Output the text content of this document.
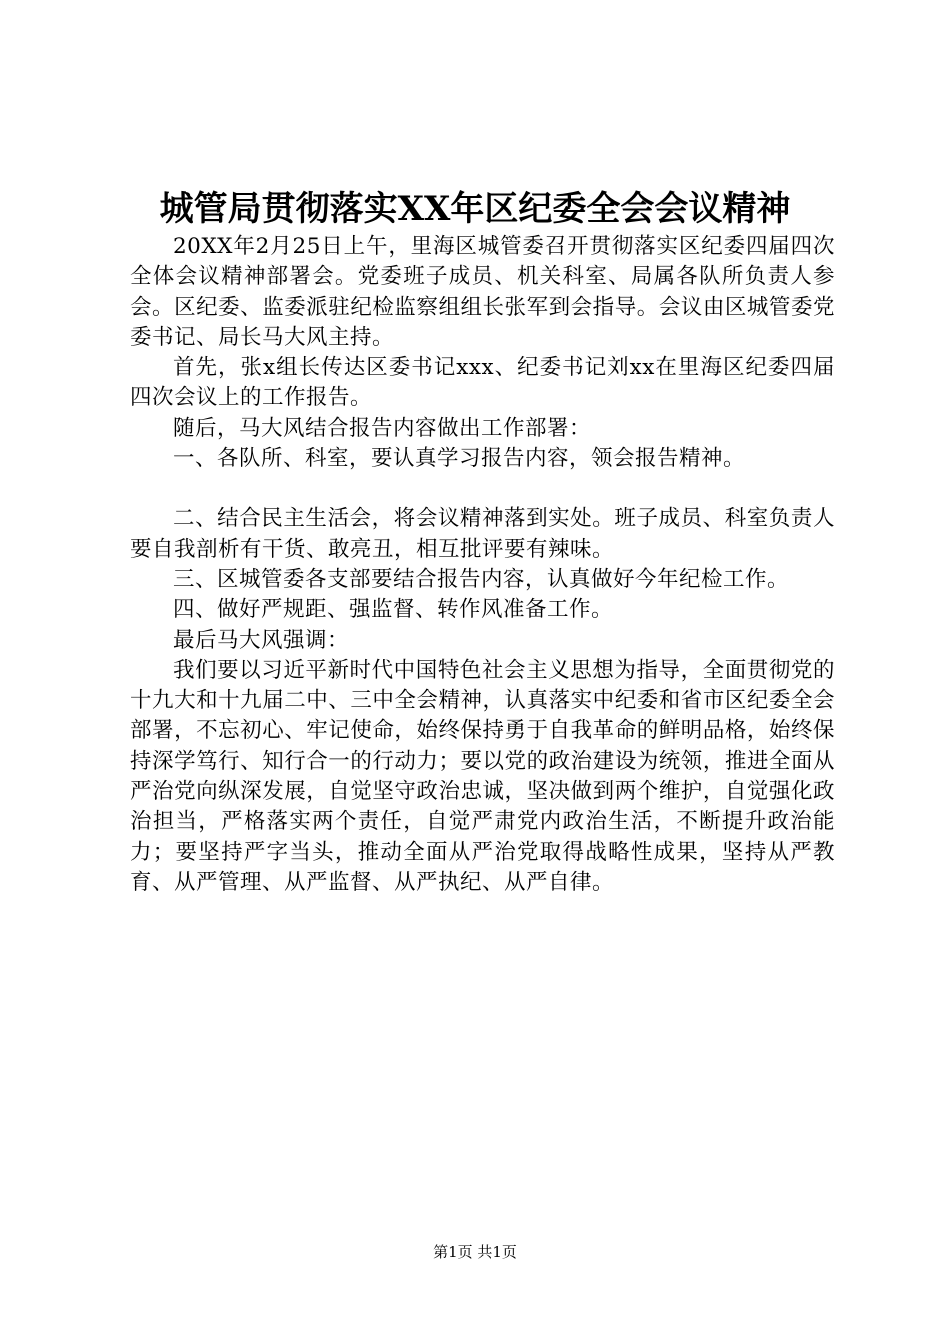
城管局贯彻落实XX年区纪委全会会议精神

20XX年2月25日上午，里海区城管委召开贯彻落实区纪委四届四次全体会议精神部署会。党委班子成员、机关科室、局属各队所负责人参会。区纪委、监委派驻纪检监察组组长张军到会指导。会议由区城管委党委书记、局长马大风主持。

首先，张x组长传达区委书记xxx、纪委书记刘xx在里海区纪委四届四次会议上的工作报告。

随后，马大风结合报告内容做出工作部署：

一、各队所、科室，要认真学习报告内容，领会报告精神。

二、结合民主生活会，将会议精神落到实处。班子成员、科室负责人要自我剖析有干货、敢亮丑，相互批评要有辣味。

三、区城管委各支部要结合报告内容，认真做好今年纪检工作。

四、做好严规距、强监督、转作风准备工作。

最后马大风强调：

我们要以习近平新时代中国特色社会主义思想为指导，全面贯彻党的十九大和十九届二中、三中全会精神，认真落实中纪委和省市区纪委全会部署，不忘初心、牢记使命，始终保持勇于自我革命的鲜明品格，始终保持深学笃行、知行合一的行动力；要以党的政治建设为统领，推进全面从严治党向纵深发展，自觉坚守政治忠诚，坚决做到两个维护，自觉强化政治担当，严格落实两个责任，自觉严肃党内政治生活，不断提升政治能力；要坚持严字当头，推动全面从严治党取得战略性成果，坚持从严教育、从严管理、从严监督、从严执纪、从严自律。

第1页 共1页
